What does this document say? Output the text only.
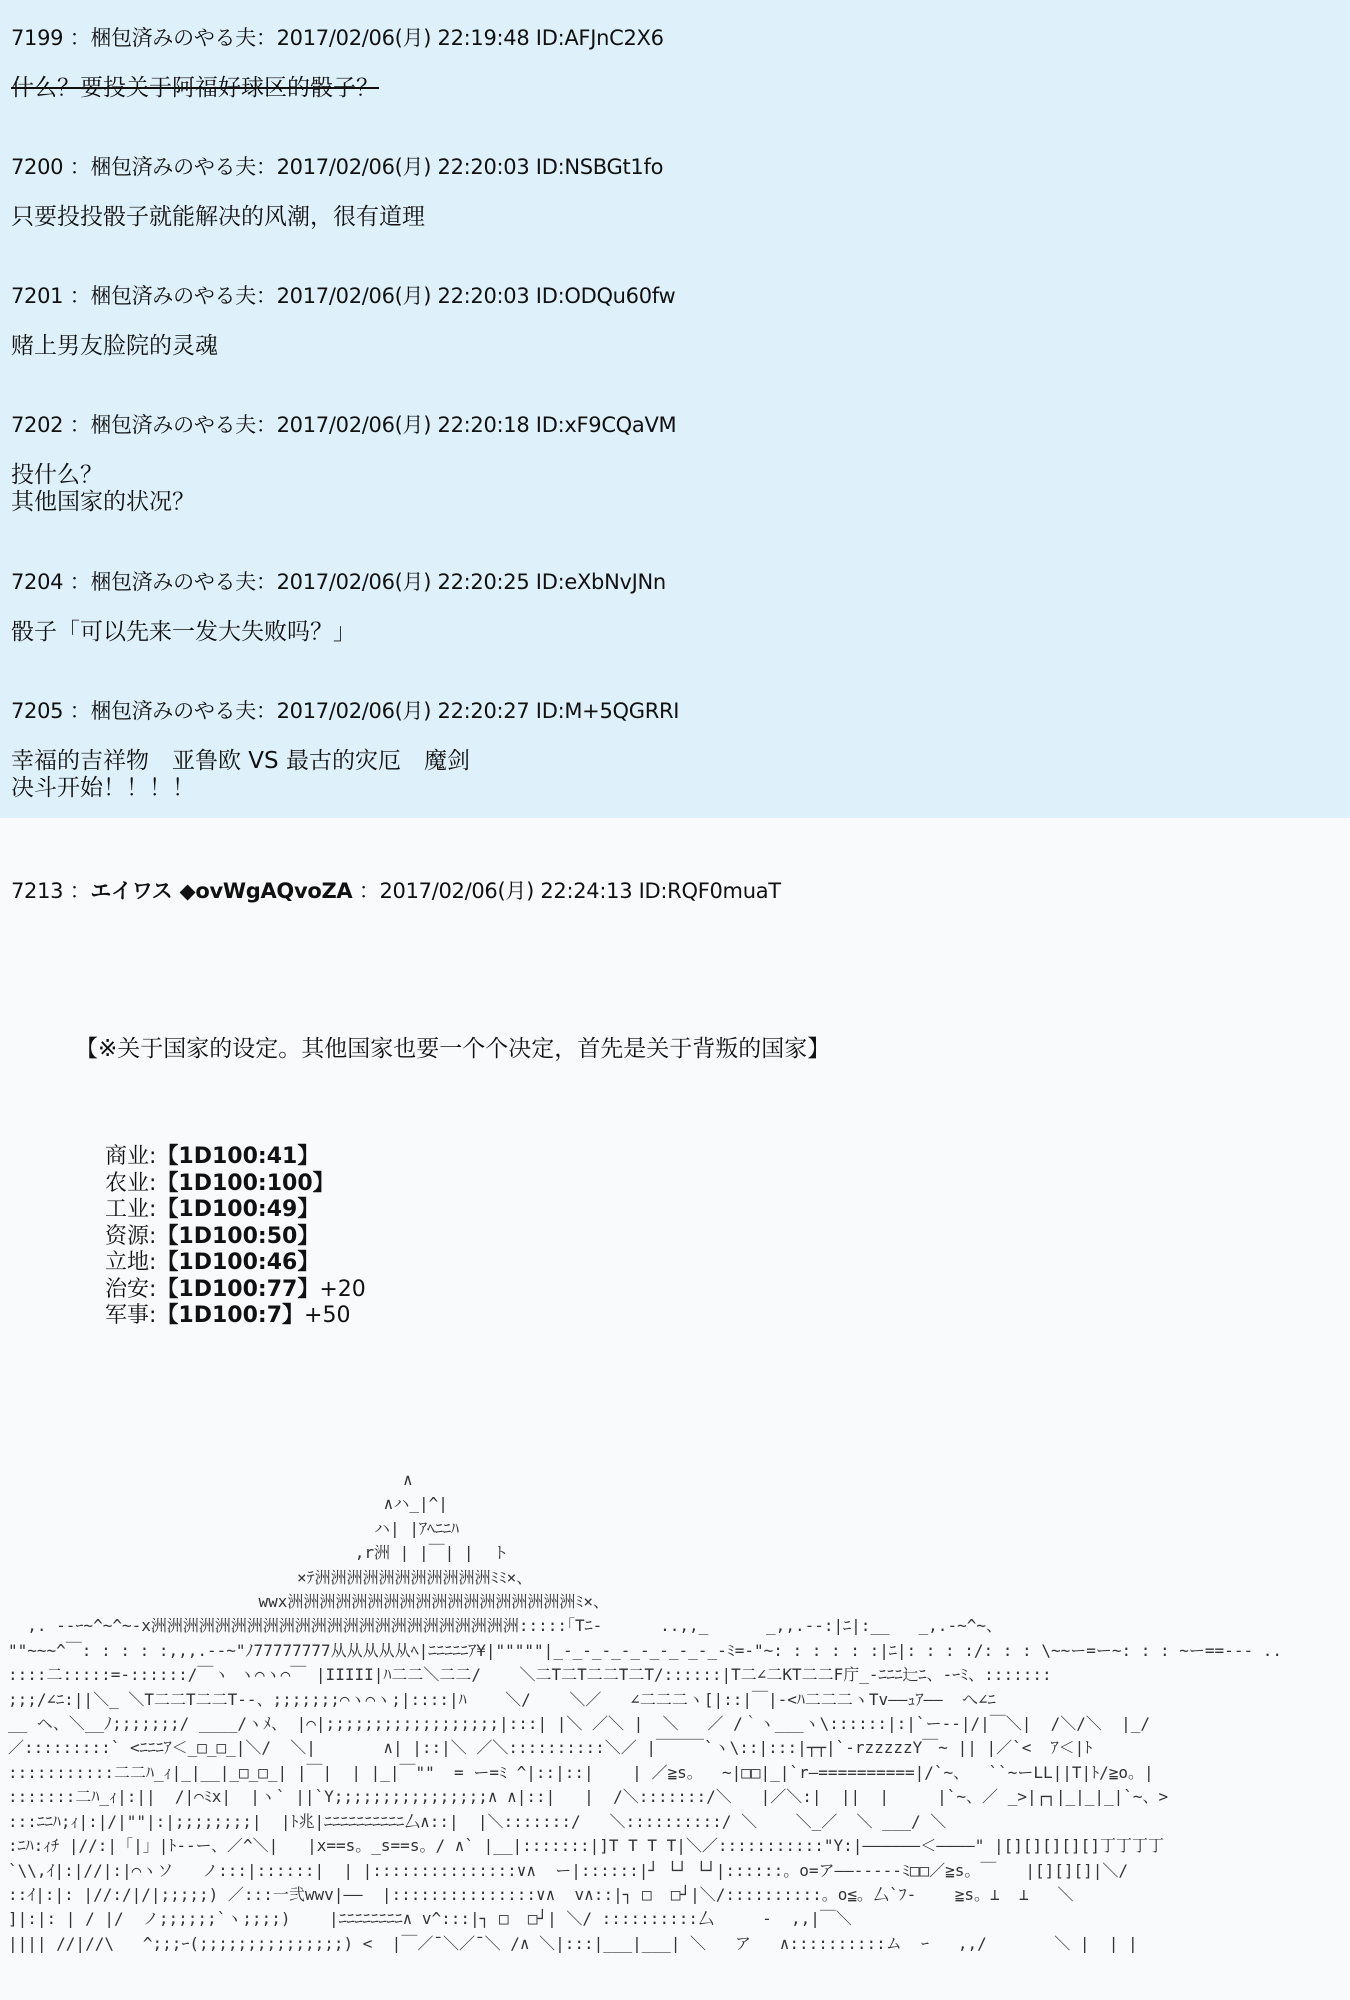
7199 ：梱包済みのやる夫：2017/02/06(月) 22:19:48 ID:AFJnC2X6
什么？要投关于阿福好球区的骰子？
7200 ：梱包済みのやる夫：2017/02/06(月) 22:20:03 ID:NSBGt1fo
只要投投骰子就能解决的风潮，很有道理
7201 ：梱包済みのやる夫：2017/02/06(月) 22:20:03 ID:ODQu60fw
赌上男友脸院的灵魂
7202 ：梱包済みのやる夫：2017/02/06(月) 22:20:18 ID:xF9CQaVM
投什么？
其他国家的状况？
7204 ：梱包済みのやる夫：2017/02/06(月) 22:20:25 ID:eXbNvJNn
骰子「可以先来一发大失败吗？」
7205 ：梱包済みのやる夫：2017/02/06(月) 22:20:27 ID:M+5QGRRI
幸福的吉祥物　亚鲁欧 VS 最古的灾厄　魔剑
决斗开始！！！！
7213 ：エイワス ◆ovWgAQvoZA ：2017/02/06(月) 22:24:13 ID:RQF0muaT
【※关于国家的设定。其他国家也要一个个决定，首先是关于背叛的国家】
商业:【1D100:41】
农业:【1D100:100】
工业:【1D100:49】
资源:【1D100:50】
立地:【1D100:46】
治安:【1D100:77】+20
军事:【1D100:7】+50
∧
∧ハ_|^|
ハ| |ｱﾍﾆﾆﾊ
,r洲 | |￣| |  ト
×ﾃ洲洲洲洲洲洲洲洲洲洲洲ﾐﾐ×、
wwx洲洲洲洲洲洲洲洲洲洲洲洲洲洲洲洲洲洲ﾐ×、
,. --ｰ~^~^~-x洲洲洲洲洲洲洲洲洲洲洲洲洲洲洲洲洲洲洲洲洲洲洲:::::｢Tﾆ-      ..,,_      _,,.--:|ﾆ|:__   _,.-~^~、
""~~~^￣: : : : :,,,.--~"ﾉ77777777从从从从从ﾍ|ﾆﾆﾆﾆﾆｱ¥|"""""|_-_-_-_-_-_-_-_-_-ﾐ=-"~: : : : : :|ﾆ|: : : :/: : : \~~ー=ー~: : : ~ー==--- ..
::::二:::::=-::::::/￣ヽ ヽ⌒ヽ⌒￣ |IIIII|ﾊ二二＼二二/    ＼二T二T二二T二T/::::::|T二∠二KT二二F庁_-ﾆﾆﾆ辷ﾆ、-ｰﾐ、:::::::
;;;/∠ﾆ:||＼_ ＼T二二T二二T--、;;;;;;;⌒ヽ⌒ヽ;|::::|ﾊ    ＼/    ＼／   ∠二二二ヽ[|::|￣|-<ﾊ二二二ヽTv——ｭｱ——  へ∠ﾆ
__ ヘ、＼__ﾉ;;;;;;;/ ____/ヽﾒ、 |⌒|;;;;;;;;;;;;;;;;;;|:::| |＼ ／＼ |  ＼   ／ /｀ヽ___ヽ\::::::|:|`ー--|/|￣＼|  /＼/＼  |_/
／:::::::::` <ﾆﾆﾆｱ＜_□_□_|＼/  ＼|       ∧| |::|＼ ／＼::::::::::＼／ |￣￣￣`ヽ\::|:::|┬┬|`-rzzzzzY￣~ || |／`<  ｱ＜|ﾄ
:::::::::::二二ﾊ_ｨ|_|__|_□_□_| |￣|  | |_|￣""  = ー=ﾐ ^|::|::|    | ／≧s。  ~|□□|_|`r—==========|/`~、  ``~ーLL||T|ﾄ/≧o。|
:::::::二ﾊ_ｨ|:||  /|⌒ﾐx|  |ヽ` ||`Y;;;;;;;;;;;;;;;;∧ ∧|::|   |  /＼:::::::/＼   |／＼:|  ||  |     |`~、／ _>|┌┐|_|_|_|`~、>
:::ﾆﾆﾊ;ｨ|:|/|""|:|;;;;;;;;|  |ﾄ兆|ﾆﾆﾆﾆﾆﾆﾆﾆﾆﾆ厶∧::|  |＼:::::::/   ＼::::::::::/ ＼    ＼_／  ＼ ___/ ＼
:ﾆﾊ:ｨﾁ |//:|「|」|ﾄ--ー、／^＼|   |x==s。_s==s。/ ∧` |__|:::::::|]T T T T|＼／:::::::::::"Y:|——————＜————" |[][][][][]丁丁丁丁
`\\,ｲ|:|//|:|⌒ヽソ   ノ:::|::::::|  | |:::::::::::::::∨∧  ー|::::::|┘ └┘ └┘|::::::。o=ア——-----ﾐ□□／≧s。￣   |[][][]|＼/
::ｲ|:|: |//:/|/|;;;;;) ／:::一弐wwv|——  |:::::::::::::::∨∧  v∧::|┐ □  □┘|＼/::::::::::。o≦。厶`ﾌ-    ≧s。⊥  ⊥   ＼
]|:|: | / |/  ノ;;;;;;`ヽ;;;;)    |ﾆﾆﾆﾆﾆﾆﾆﾆ∧ v^:::|┐ □  □┘| ＼/ ::::::::::厶     -  ,,|￣＼
|||| //|//\   ^;;;ｰ(;;;;;;;;;;;;;;;) <  |￣／¯＼／¯＼ /∧ ＼|:::|___|___| ＼   ア   ∧::::::::::ム  ｰ   ,,/       ＼ |  | |
